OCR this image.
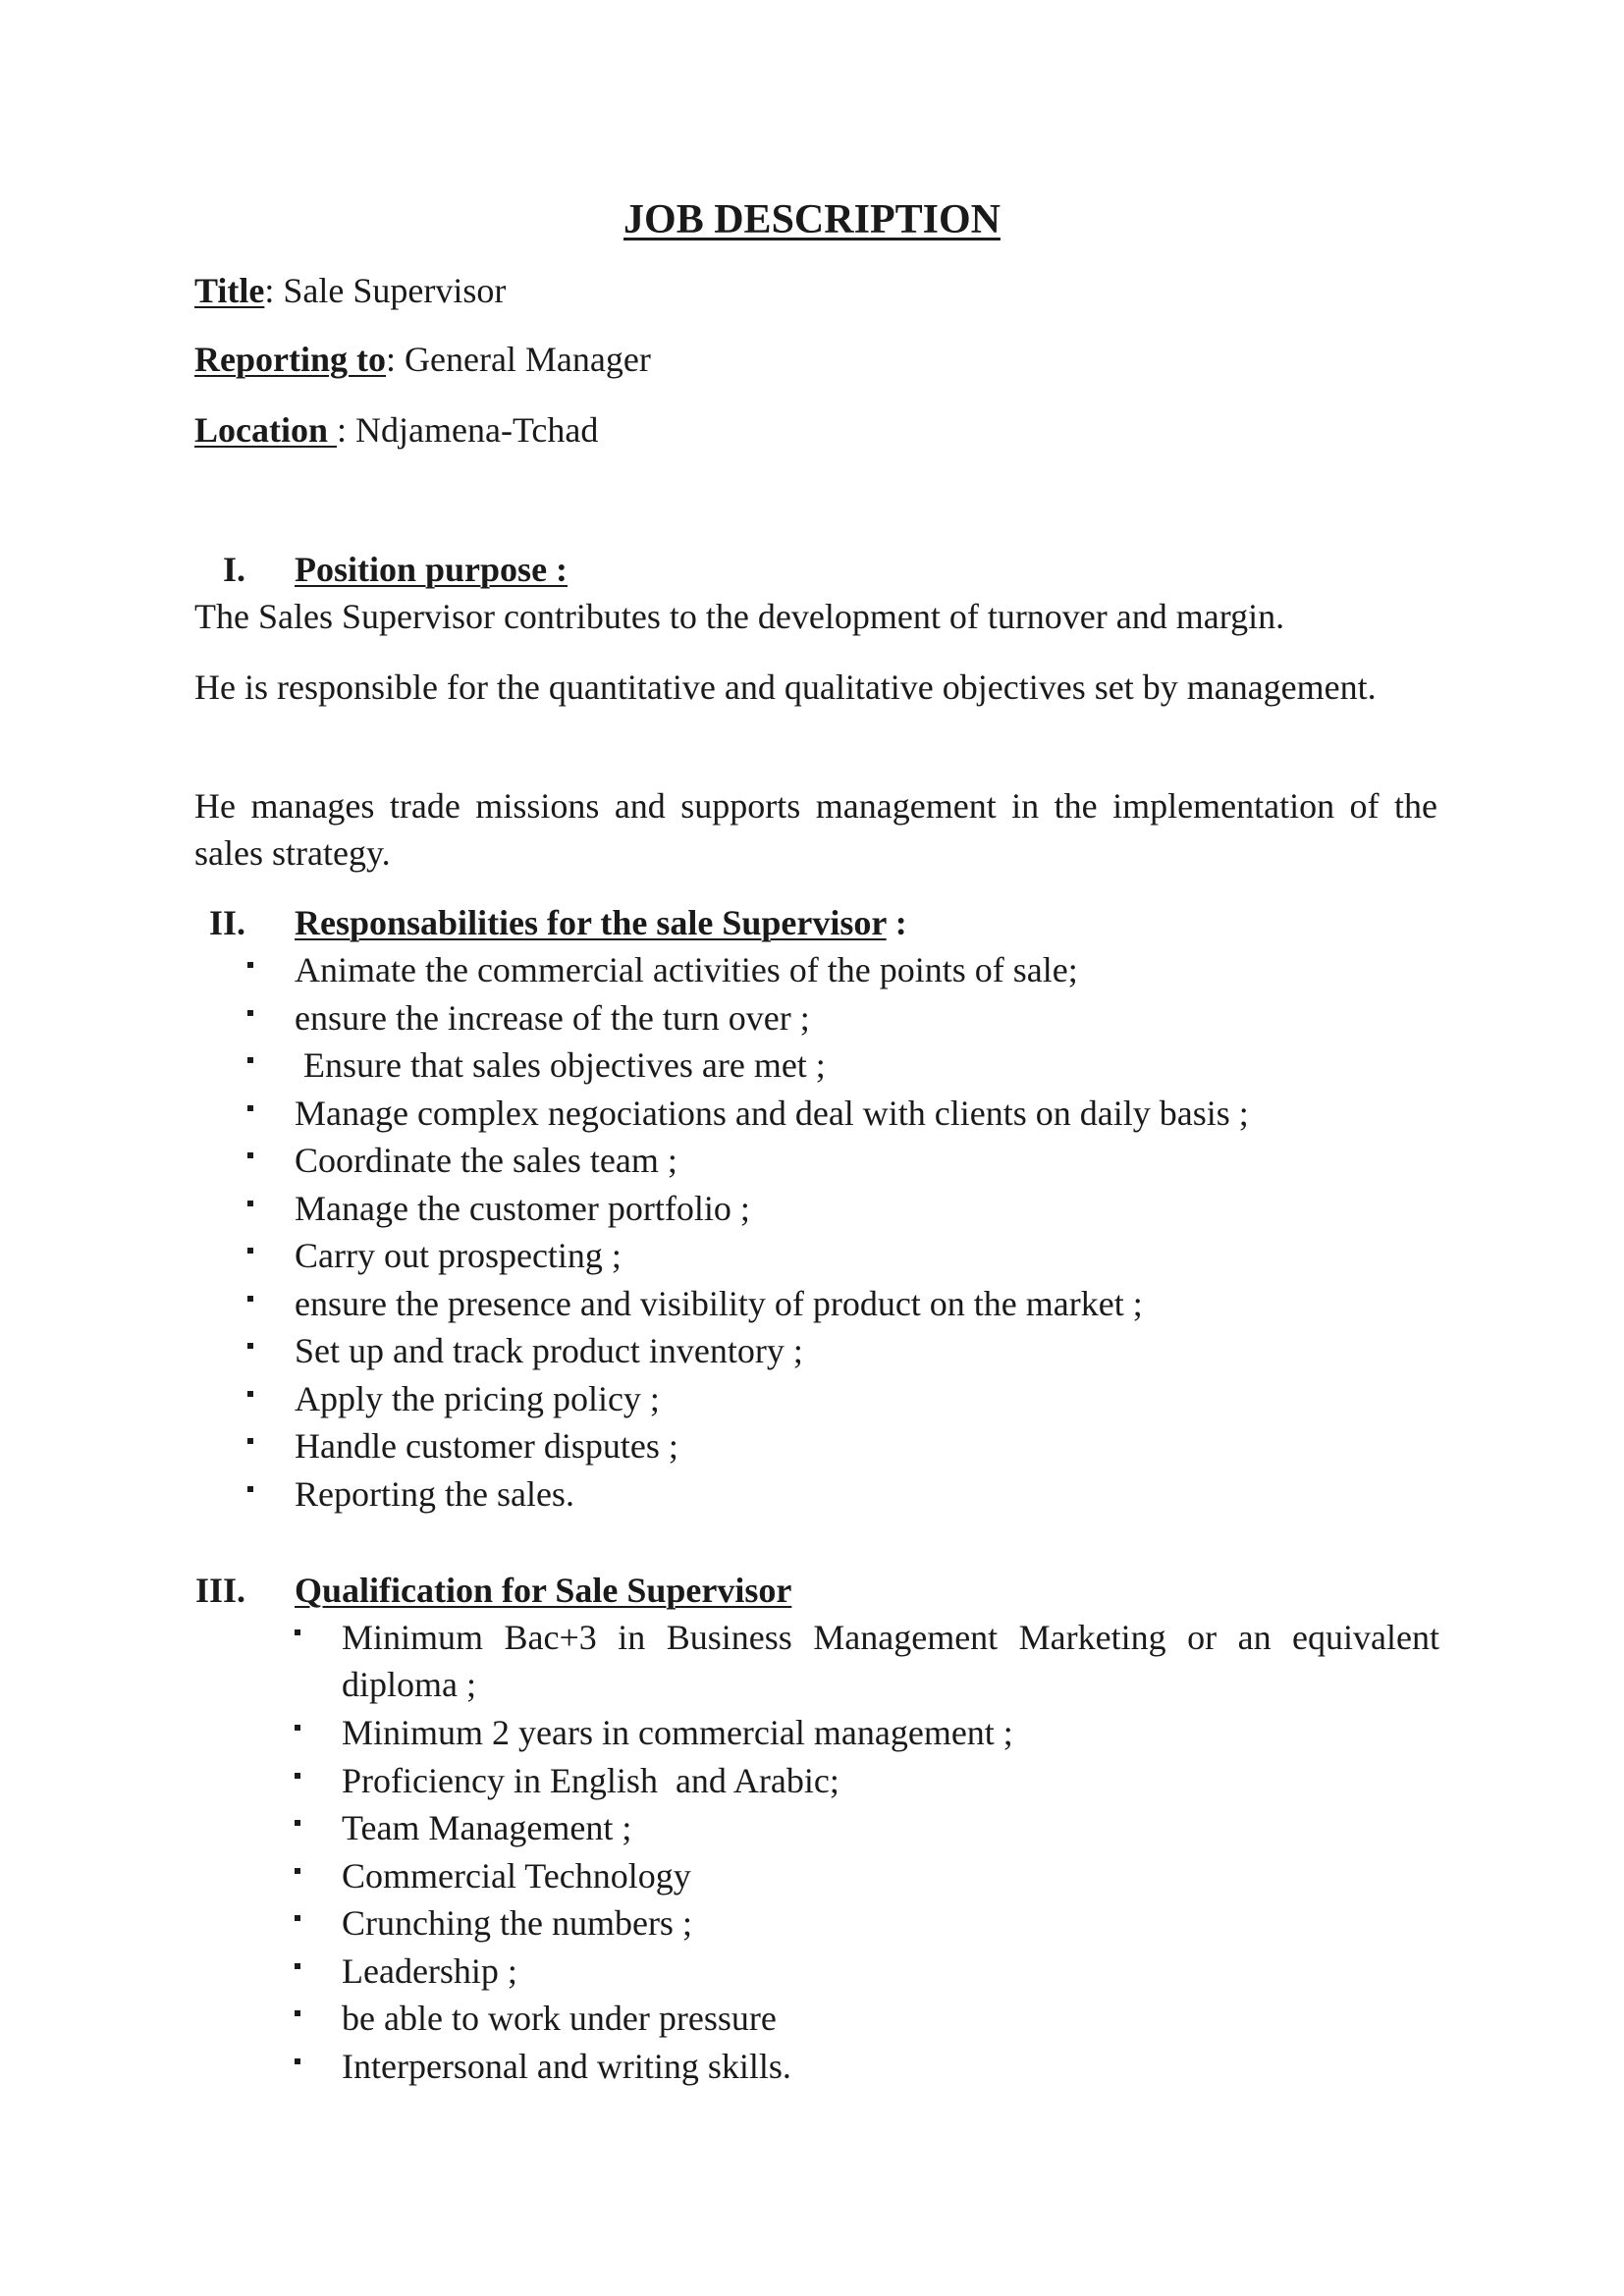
JOB DESCRIPTION
Title: Sale Supervisor
Reporting to: General Manager
Location : Ndjamena-Tchad
I. Position purpose :
The Sales Supervisor contributes to the development of turnover and margin.
He is responsible for the quantitative and qualitative objectives set by management.
He manages trade missions and supports management in the implementation of the sales strategy.
II. Responsabilities for the sale Supervisor :
Animate the commercial activities of the points of sale;
ensure the increase of the turn over ;
Ensure that sales objectives are met ;
Manage complex negociations and deal with clients on daily basis ;
Coordinate the sales team ;
Manage the customer portfolio ;
Carry out prospecting ;
ensure the presence and visibility of product on the market ;
Set up and track product inventory ;
Apply the pricing policy ;
Handle customer disputes ;
Reporting the sales.
III. Qualification for Sale Supervisor
Minimum Bac+3 in Business Management Marketing or an equivalent diploma ;
Minimum 2 years in commercial management ;
Proficiency in English  and Arabic;
Team Management ;
Commercial Technology
Crunching the numbers ;
Leadership ;
be able to work under pressure
Interpersonal and writing skills.
